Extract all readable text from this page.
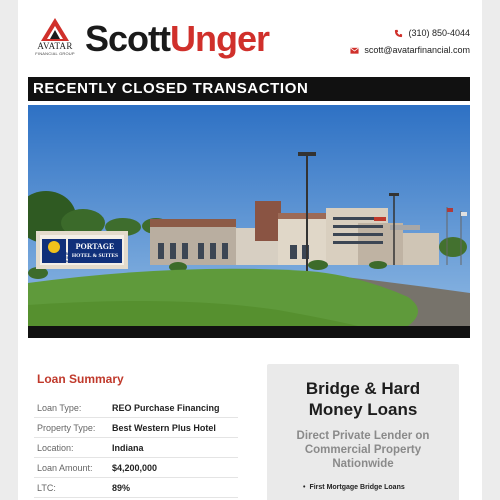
AVATAR
FINANCIAL GROUP ScottUnger	(310) 850-4044
scott@avatarfinancial.com
RECENTLY CLOSED TRANSACTION
BEST WESTERN PLUS
PORTAGE
HOTEL & SUITES
Loan Summary
Loan Type:	REO Purchase Financing
Property Type:	Best Western Plus Hotel
Location:	Indiana
Loan Amount:	$4,200,000
LTC:	89%
Bridge & Hard
Money Loans
Direct Private Lender on
Commercial Property
Nationwide
• First Mortgage Bridge Loans
